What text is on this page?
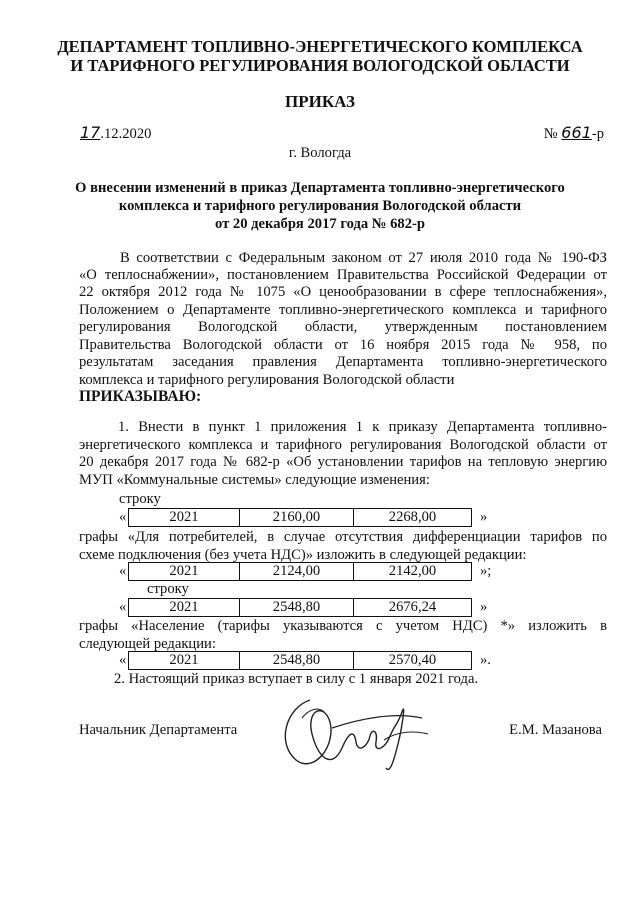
ДЕПАРТАМЕНТ ТОПЛИВНО-ЭНЕРГЕТИЧЕСКОГО КОМПЛЕКСА
И ТАРИФНОГО РЕГУЛИРОВАНИЯ ВОЛОГОДСКОЙ ОБЛАСТИ
ПРИКАЗ
17.12.2020	№ 661-р
г. Вологда
О внесении изменений в приказ Департамента топливно-энергетического
комплекса и тарифного регулирования Вологодской области
от 20 декабря 2017 года № 682-р
В соответствии с Федеральным законом от 27 июля 2010 года № 190-ФЗ
«О теплоснабжении», постановлением Правительства Российской Федерации от
22 октября 2012 года № 1075 «О ценообразовании в сфере теплоснабжения»,
Положением о Департаменте топливно-энергетического комплекса и тарифного
регулирования Вологодской области, утвержденным постановлением
Правительства Вологодской области от 16 ноября 2015 года № 958, по
результатам заседания правления Департамента топливно-энергетического
комплекса и тарифного регулирования Вологодской области
ПРИКАЗЫВАЮ:
1. Внести в пункт 1 приложения 1 к приказу Департамента топливно-
энергетического комплекса и тарифного регулирования Вологодской области от
20 декабря 2017 года № 682-р «Об установлении тарифов на тепловую энергию
МУП «Коммунальные системы» следующие изменения:
строку
«	2021	2160,00	2268,00	»
графы «Для потребителей, в случае отсутствия дифференциации тарифов по
схеме подключения (без учета НДС)» изложить в следующей редакции:
«	2021	2124,00	2142,00	»;
строку
«	2021	2548,80	2676,24	»
графы «Население (тарифы указываются с учетом НДС) *» изложить в
следующей редакции:
«	2021	2548,80	2570,40	».
2. Настоящий приказ вступает в силу с 1 января 2021 года.
Начальник Департамента	Е.М. Мазанова
